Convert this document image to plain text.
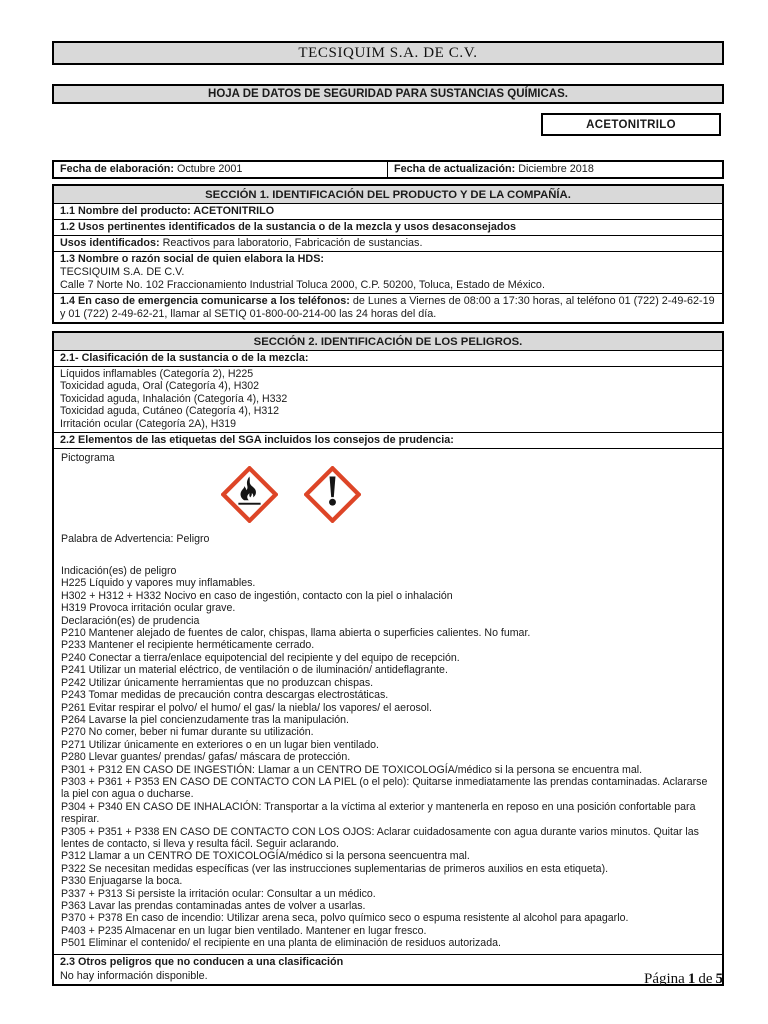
TECSIQUIM S.A. DE C.V.
HOJA DE DATOS DE SEGURIDAD PARA SUSTANCIAS QUÍMICAS.
ACETONITRILO
Fecha de elaboración: Octubre 2001	Fecha de actualización: Diciembre 2018
SECCIÓN 1. IDENTIFICACIÓN DEL PRODUCTO Y DE LA COMPAÑÍA.
1.1 Nombre del producto: ACETONITRILO
1.2 Usos pertinentes identificados de la sustancia o de la mezcla y usos desaconsejados
Usos identificados: Reactivos para laboratorio, Fabricación de sustancias.
1.3 Nombre o razón social de quien elabora la HDS:
TECSIQUIM S.A. DE C.V.
Calle 7 Norte No. 102 Fraccionamiento Industrial Toluca 2000, C.P. 50200, Toluca, Estado de México.
1.4 En caso de emergencia comunicarse a los teléfonos: de Lunes a Viernes de 08:00 a 17:30 horas, al teléfono 01 (722) 2-49-62-19 y 01 (722) 2-49-62-21, llamar al SETIQ 01-800-00-214-00 las 24 horas del día.
SECCIÓN 2. IDENTIFICACIÓN DE LOS PELIGROS.
2.1- Clasificación de la sustancia o de la mezcla:
Líquidos inflamables (Categoría 2), H225
Toxicidad aguda, Oral (Categoría 4), H302
Toxicidad aguda, Inhalación (Categoría 4), H332
Toxicidad aguda, Cutáneo (Categoría 4), H312
Irritación ocular (Categoría 2A), H319
2.2 Elementos de las etiquetas del SGA incluidos los consejos de prudencia:
Pictograma
Palabra de Advertencia: Peligro
Indicación(es) de peligro
H225 Líquido y vapores muy inflamables.
H302 + H312 + H332 Nocivo en caso de ingestión, contacto con la piel o inhalación
H319 Provoca irritación ocular grave.
Declaración(es) de prudencia
P210 Mantener alejado de fuentes de calor, chispas, llama abierta o superficies calientes. No fumar.
P233 Mantener el recipiente herméticamente cerrado.
P240 Conectar a tierra/enlace equipotencial del recipiente y del equipo de recepción.
P241 Utilizar un material eléctrico, de ventilación o de iluminación/ antideflagrante.
P242 Utilizar únicamente herramientas que no produzcan chispas.
P243 Tomar medidas de precaución contra descargas electrostáticas.
P261 Evitar respirar el polvo/ el humo/ el gas/ la niebla/ los vapores/ el aerosol.
P264 Lavarse la piel concienzudamente tras la manipulación.
P270 No comer, beber ni fumar durante su utilización.
P271 Utilizar únicamente en exteriores o en un lugar bien ventilado.
P280 Llevar guantes/ prendas/ gafas/ máscara de protección.
P301 + P312 EN CASO DE INGESTIÓN: Llamar a un CENTRO DE TOXICOLOGÍA/médico si la persona se encuentra mal.
P303 + P361 + P353 EN CASO DE CONTACTO CON LA PIEL (o el pelo): Quitarse inmediatamente las prendas contaminadas. Aclararse la piel con agua o ducharse.
P304 + P340 EN CASO DE INHALACIÓN: Transportar a la víctima al exterior y mantenerla en reposo en una posición confortable para respirar.
P305 + P351 + P338 EN CASO DE CONTACTO CON LOS OJOS: Aclarar cuidadosamente con agua durante varios minutos. Quitar las lentes de contacto, si lleva y resulta fácil. Seguir aclarando.
P312 Llamar a un CENTRO DE TOXICOLOGÍA/médico si la persona seencuentra mal.
P322 Se necesitan medidas específicas (ver las instrucciones suplementarias de primeros auxilios en esta etiqueta).
P330 Enjuagarse la boca.
P337 + P313 Si persiste la irritación ocular: Consultar a un médico.
P363 Lavar las prendas contaminadas antes de volver a usarlas.
P370 + P378 En caso de incendio: Utilizar arena seca, polvo químico seco o espuma resistente al alcohol para apagarlo.
P403 + P235 Almacenar en un lugar bien ventilado. Mantener en lugar fresco.
P501 Eliminar el contenido/ el recipiente en una planta de eliminación de residuos autorizada.
2.3 Otros peligros que no conducen a una clasificación
No hay información disponible.	Página 1 de 5
